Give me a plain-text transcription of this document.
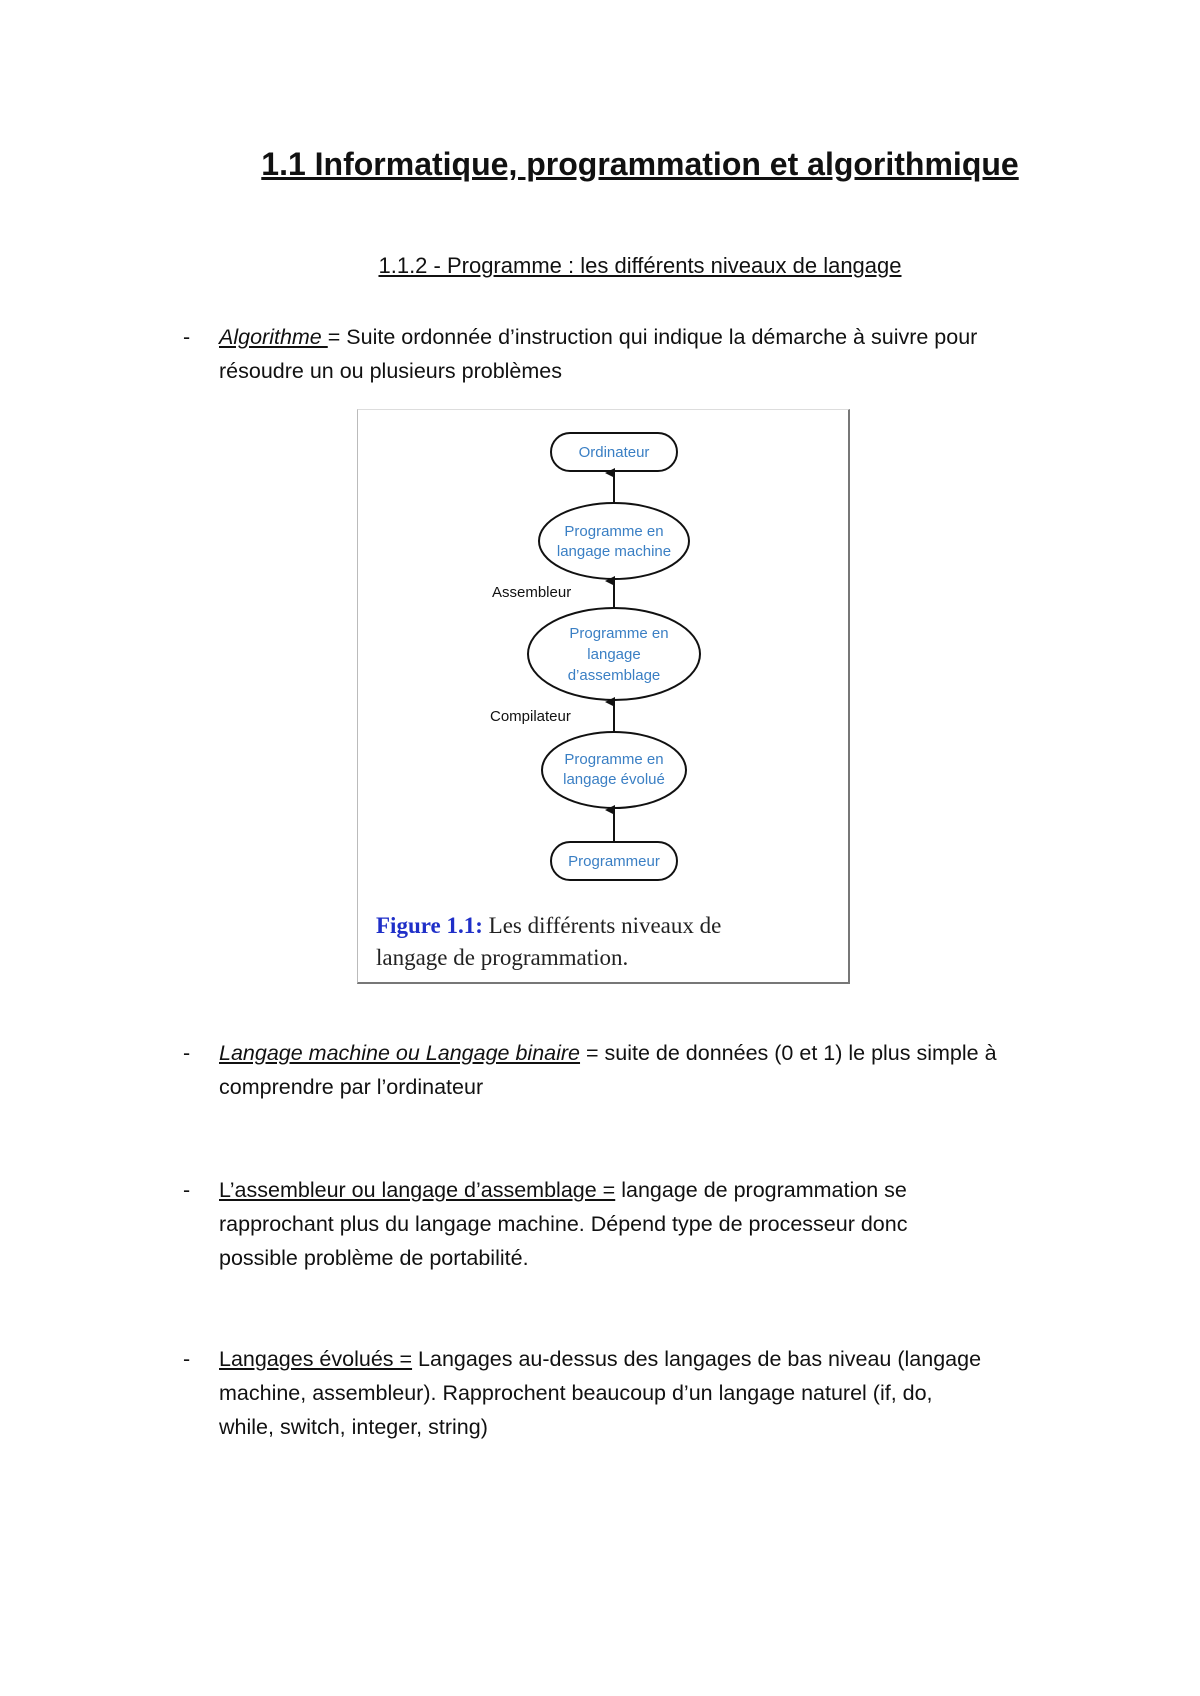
1.1 Informatique, programmation et algorithmique
1.1.2 - Programme : les différents niveaux de langage
- Algorithme = Suite ordonnée d’instruction qui indique la démarche à suivre pour
résoudre un ou plusieurs problèmes
Ordinateur
Programme en
langage machine
Programme en
langage
d’assemblage
Programme en
langage évolué
Programmeur
Assembleur
Compilateur
Figure 1.1: Les différents niveaux de
langage de programmation.
- Langage machine ou Langage binaire = suite de données (0 et 1) le plus simple à
comprendre par l’ordinateur
- L’assembleur ou langage d’assemblage = langage de programmation se
rapprochant plus du langage machine. Dépend type de processeur donc
possible problème de portabilité.
- Langages évolués = Langages au-dessus des langages de bas niveau (langage
machine, assembleur). Rapprochent beaucoup d’un langage naturel (if, do,
while, switch, integer, string)
